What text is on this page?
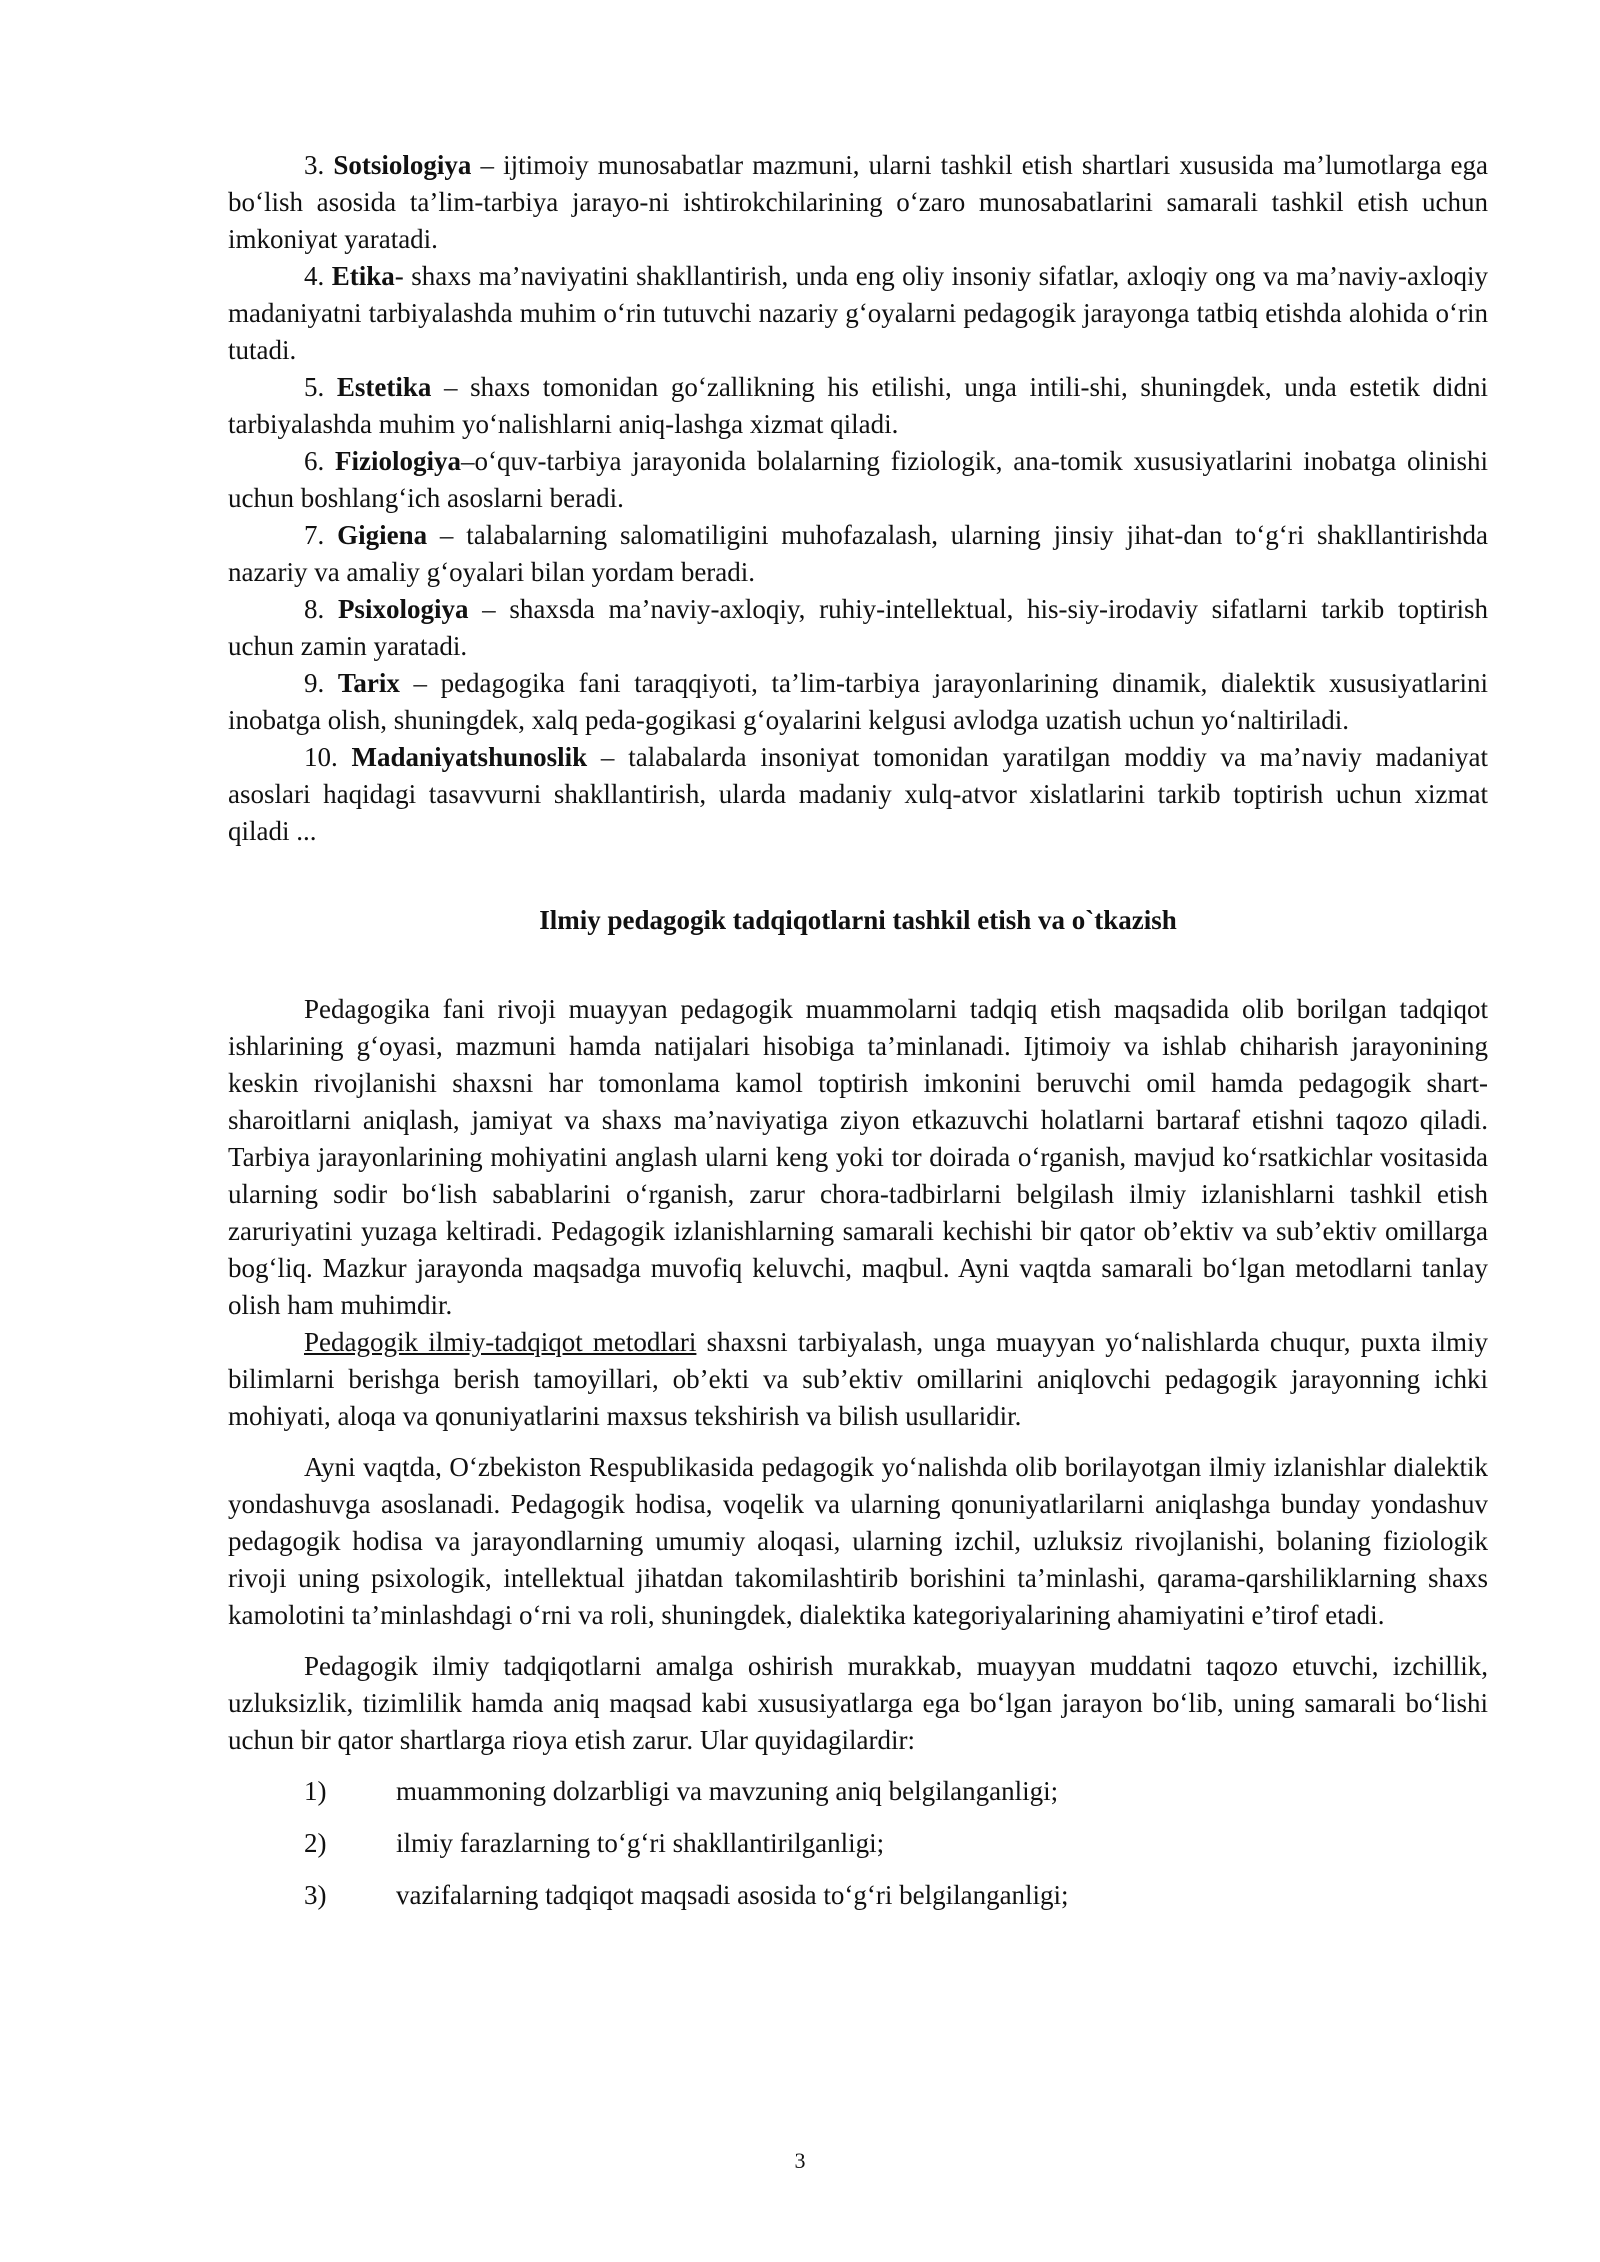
3. Sotsiologiya – ijtimoiy munosabatlar mazmuni, ularni tashkil etish shartlari xususida ma’lumotlarga ega bo‘lish asosida ta’lim-tarbiya jarayo-ni ishtirokchilarining o‘zaro munosabatlarini samarali tashkil etish uchun imkoniyat yaratadi.

4. Etika- shaxs ma’naviyatini shakllantirish, unda eng oliy insoniy sifatlar, axloqiy ong va ma’naviy-axloqiy madaniyatni tarbiyalashda muhim o‘rin tutuvchi nazariy g‘oyalarni pedagogik jarayonga tatbiq etishda alohida o‘rin tutadi.

5. Estetika – shaxs tomonidan go‘zallikning his etilishi, unga intili-shi, shuningdek, unda estetik didni tarbiyalashda muhim yo‘nalishlarni aniq-lashga xizmat qiladi.

6. Fiziologiya–o‘quv-tarbiya jarayonida bolalarning fiziologik, ana-tomik xususiyatlarini inobatga olinishi uchun boshlang‘ich asoslarni beradi.

7. Gigiena – talabalarning salomatiligini muhofazalash, ularning jinsiy jihat-dan to‘g‘ri shakllantirishda nazariy va amaliy g‘oyalari bilan yordam beradi.

8. Psixologiya – shaxsda ma’naviy-axloqiy, ruhiy-intellektual, his-siy-irodaviy sifatlarni tarkib toptirish uchun zamin yaratadi.

9. Tarix – pedagogika fani taraqqiyoti, ta’lim-tarbiya jarayonlarining dinamik, dialektik xususiyatlarini inobatga olish, shuningdek, xalq peda-gogikasi g‘oyalarini kelgusi avlodga uzatish uchun yo‘naltiriladi.

10. Madaniyatshunoslik – talabalarda insoniyat tomonidan yaratilgan moddiy va ma’naviy madaniyat asoslari haqidagi tasavvurni shakllantirish, ularda madaniy xulq-atvor xislatlarini tarkib toptirish uchun xizmat qiladi ...

Ilmiy pedagogik tadqiqotlarni tashkil etish va o`tkazish

Pedagogika fani rivoji muayyan pedagogik muammolarni tadqiq etish maqsadida olib borilgan tadqiqot ishlarining g‘oyasi, mazmuni hamda natijalari hisobiga ta’minlanadi. Ijtimoiy va ishlab chiharish jarayonining keskin rivojlanishi shaxsni har tomonlama kamol toptirish imkonini beruvchi omil hamda pedagogik shart-sharoitlarni aniqlash, jamiyat va shaxs ma’naviyatiga ziyon etkazuvchi holatlarni bartaraf etishni taqozo qiladi. Tarbiya jarayonlarining mohiyatini anglash ularni keng yoki tor doirada o‘rganish, mavjud ko‘rsatkichlar vositasida ularning sodir bo‘lish sabablarini o‘rganish, zarur chora-tadbirlarni belgilash ilmiy izlanishlarni tashkil etish zaruriyatini yuzaga keltiradi. Pedagogik izlanishlarning samarali kechishi bir qator ob’ektiv va sub’ektiv omillarga bog‘liq. Mazkur jarayonda maqsadga muvofiq keluvchi, maqbul. Ayni vaqtda samarali bo‘lgan metodlarni tanlay olish ham muhimdir.

Pedagogik ilmiy-tadqiqot metodlari shaxsni tarbiyalash, unga muayyan yo‘nalishlarda chuqur, puxta ilmiy bilimlarni berishga berish tamoyillari, ob’ekti va sub’ektiv omillarini aniqlovchi pedagogik jarayonning ichki mohiyati, aloqa va qonuniyatlarini maxsus tekshirish va bilish usullaridir.

Ayni vaqtda, O‘zbekiston Respublikasida pedagogik yo‘nalishda olib borilayotgan ilmiy izlanishlar dialektik yondashuvga asoslanadi. Pedagogik hodisa, voqelik va ularning qonuniyatlarilarni aniqlashga bunday yondashuv pedagogik hodisa va jarayondlarning umumiy aloqasi, ularning izchil, uzluksiz rivojlanishi, bolaning fiziologik rivoji uning psixologik, intellektual jihatdan takomilashtirib borishini ta’minlashi, qarama-qarshiliklarning shaxs kamolotini ta’minlashdagi o‘rni va roli, shuningdek, dialektika kategoriyalarining ahamiyatini e’tirof etadi.

Pedagogik ilmiy tadqiqotlarni amalga oshirish murakkab, muayyan muddatni taqozo etuvchi, izchillik, uzluksizlik, tizimlilik hamda aniq maqsad kabi xususiyatlarga ega bo‘lgan jarayon bo‘lib, uning samarali bo‘lishi uchun bir qator shartlarga rioya etish zarur. Ular quyidagilardir:

1)	muammoning dolzarbligi va mavzuning aniq belgilanganligi;
2)	ilmiy farazlarning to‘g‘ri shakllantirilganligi;
3)	vazifalarning tadqiqot maqsadi asosida to‘g‘ri belgilanganligi;
3
